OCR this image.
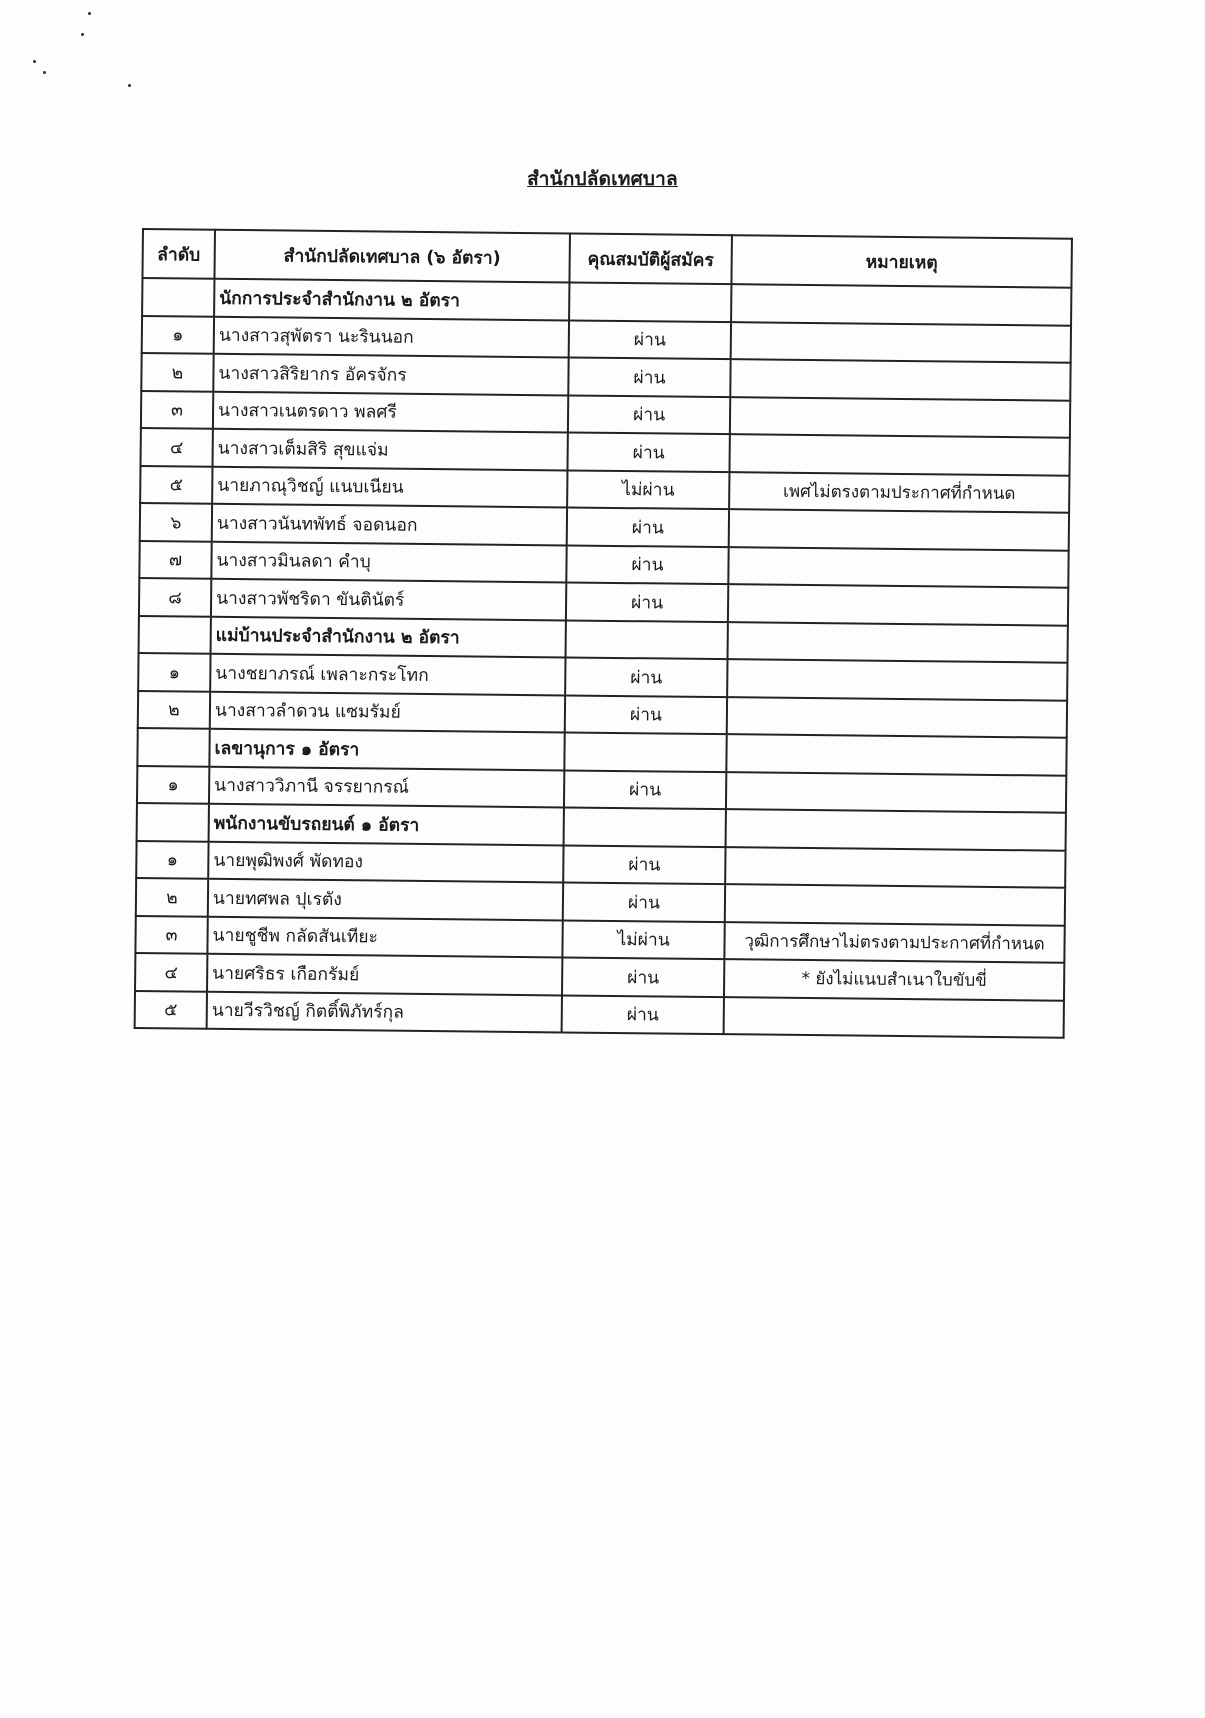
สำนักปลัดเทศบาล
ลำดับ	สำนักปลัดเทศบาล (๖ อัตรา)	คุณสมบัติผู้สมัคร	หมายเหตุ
	นักการประจำสำนักงาน ๒ อัตรา		
๑	นางสาวสุพัตรา นะรินนอก	ผ่าน	
๒	นางสาวสิริยากร อัครจักร	ผ่าน	
๓	นางสาวเนตรดาว พลศรี	ผ่าน	
๔	นางสาวเต็มสิริ สุขแจ่ม	ผ่าน	
๕	นายภาณุวิชญ์ แนบเนียน	ไม่ผ่าน	เพศไม่ตรงตามประกาศที่กำหนด
๖	นางสาวนันทพัทธ์ จอดนอก	ผ่าน	
๗	นางสาวมินลดา คำบุ	ผ่าน	
๘	นางสาวพัชริดา ขันตินัตร์	ผ่าน	
	แม่บ้านประจำสำนักงาน ๒ อัตรา		
๑	นางชยาภรณ์ เพลาะกระโทก	ผ่าน	
๒	นางสาวลำดวน แซมรัมย์	ผ่าน	
	เลขานุการ ๑ อัตรา		
๑	นางสาววิภานี จรรยากรณ์	ผ่าน	
	พนักงานขับรถยนต์ ๑ อัตรา		
๑	นายพุฒิพงศ์ พัดทอง	ผ่าน	
๒	นายทศพล ปุเรตัง	ผ่าน	
๓	นายชูชีพ กลัดสันเทียะ	ไม่ผ่าน	วุฒิการศึกษาไม่ตรงตามประกาศที่กำหนด
๔	นายศริธร เกือกรัมย์	ผ่าน	* ยังไม่แนบสำเนาใบขับขี่
๕	นายวีรวิชญ์ กิตติ์พิภัทร์กุล	ผ่าน	
